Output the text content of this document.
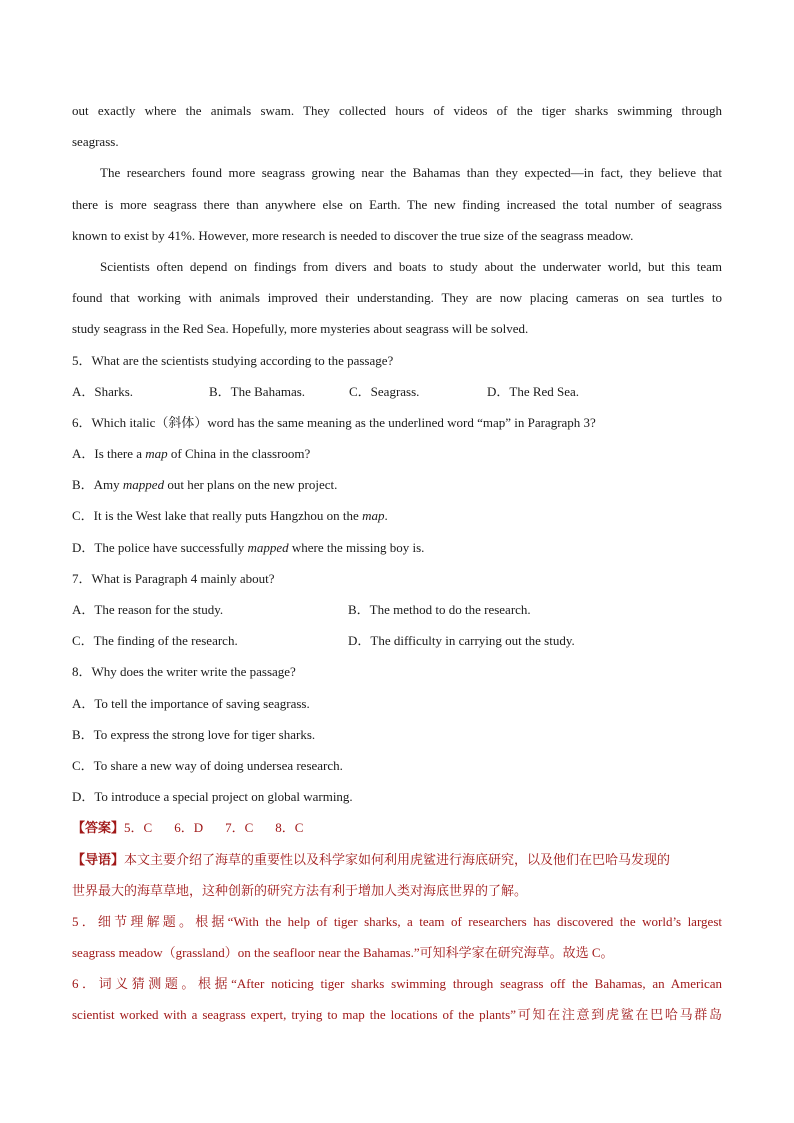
out exactly where the animals swam. They collected hours of videos of the tiger sharks swimming through
seagrass.
The researchers found more seagrass growing near the Bahamas than they expected—in fact, they believe that
there is more seagrass there than anywhere else on Earth. The new finding increased the total number of seagrass
known to exist by 41%. However, more research is needed to discover the true size of the seagrass meadow.
Scientists often depend on findings from divers and boats to study about the underwater world, but this team
found that working with animals improved their understanding. They are now placing cameras on sea turtles to
study seagrass in the Red Sea. Hopefully, more mysteries about seagrass will be solved.
5．What are the scientists studying according to the passage?
A．Sharks.	B．The Bahamas.	C．Seagrass.	D．The Red Sea.
6．Which italic（斜体）word has the same meaning as the underlined word “map” in Paragraph 3?
A．Is there a map of China in the classroom?
B．Amy mapped out her plans on the new project.
C．It is the West lake that really puts Hangzhou on the map.
D．The police have successfully mapped where the missing boy is.
7．What is Paragraph 4 mainly about?
A．The reason for the study.	B．The method to do the research.
C．The finding of the research.	D．The difficulty in carrying out the study.
8．Why does the writer write the passage?
A．To tell the importance of saving seagrass.
B．To express the strong love for tiger sharks.
C．To share a new way of doing undersea research.
D．To introduce a special project on global warming.
【答案】5．C 6．D 7．C 8．C
【导语】本文主要介绍了海草的重要性以及科学家如何利用虎鲨进行海底研究，以及他们在巴哈马发现的
世界最大的海草草地，这种创新的研究方法有利于增加人类对海底世界的了解。
5．细节理解题。根据“With the help of tiger sharks, a team of researchers has discovered the world’s largest
seagrass meadow（grassland）on the seafloor near the Bahamas.”可知科学家在研究海草。故选 C。
6．词义猜测题。根据“After noticing tiger sharks swimming through seagrass off the Bahamas, an American
scientist worked with a seagrass expert, trying to map the locations of the plants”可知在注意到虎鲨在巴哈马群岛
